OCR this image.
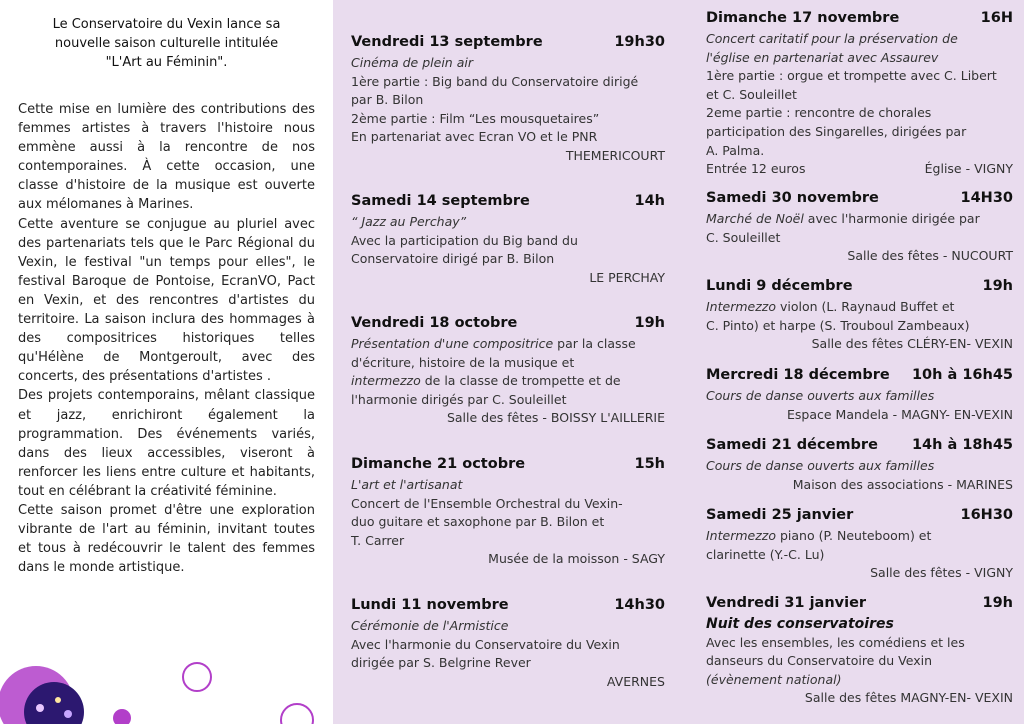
Le Conservatoire du Vexin lance sa
nouvelle saison culturelle intitulée
"L'Art au Féminin".

Cette mise en lumière des contributions des femmes artistes à travers l'histoire nous emmène aussi à la rencontre de nos contemporaines. À cette occasion, une classe d'histoire de la musique est ouverte aux mélomanes à Marines.

Cette aventure se conjugue au pluriel avec des partenariats tels que le Parc Régional du Vexin, le festival "un temps pour elles", le festival Baroque de Pontoise, EcranVO, Pact en Vexin, et des rencontres d'artistes du territoire. La saison inclura des hommages à des compositrices historiques telles qu'Hélène de Montgeroult, avec des concerts, des présentations d'artistes .

Des projets contemporains, mêlant classique et jazz, enrichiront également la programmation. Des événements variés, dans des lieux accessibles, viseront à renforcer les liens entre culture et habitants, tout en célébrant la créativité féminine.

Cette saison promet d'être une exploration vibrante de l'art au féminin, invitant toutes et tous à redécouvrir le talent des femmes dans le monde artistique.

Vendredi 13 septembre	19h30
Cinéma de plein air
1ère partie : Big band du Conservatoire dirigé
par B. Bilon
2ème partie : Film “Les mousquetaires”
En partenariat avec Ecran VO et le PNR
THEMERICOURT
Samedi 14 septembre	14h
“ Jazz au Perchay”
Avec la participation du Big band du
Conservatoire dirigé par B. Bilon
LE PERCHAY
Vendredi 18 octobre	19h
Présentation d'une compositrice par la classe
d'écriture, histoire de la musique et
intermezzo de la classe de trompette et de
l'harmonie dirigés par C. Souleillet
Salle des fêtes - BOISSY L'AILLERIE
Dimanche 21 octobre	15h
L'art et l'artisanat
Concert de l'Ensemble Orchestral du Vexin-
duo guitare et saxophone par B. Bilon et
T. Carrer
Musée de la moisson - SAGY
Lundi 11 novembre	14h30
Cérémonie de l'Armistice
Avec l'harmonie du Conservatoire du Vexin
dirigée par S. Belgrine Rever
AVERNES
Dimanche 17 novembre	16H
Concert caritatif pour la préservation de
l'église en partenariat avec Assaurev
1ère partie : orgue et trompette avec C. Libert
et C. Souleillet
2eme partie : rencontre de chorales
participation des Singarelles, dirigées par
A. Palma.
Entrée 12 euros	Église - VIGNY
Samedi 30 novembre	14H30
Marché de Noël avec l'harmonie dirigée par
C. Souleillet
Salle des fêtes - NUCOURT
Lundi 9 décembre	19h
Intermezzo violon (L. Raynaud Buffet et
C. Pinto) et harpe (S. Trouboul Zambeaux)
Salle des fêtes CLÉRY-EN- VEXIN
Mercredi 18 décembre 10h à 16h45
Cours de danse ouverts aux familles
Espace Mandela - MAGNY- EN-VEXIN
Samedi 21 décembre 14h à 18h45
Cours de danse ouverts aux familles
Maison des associations - MARINES
Samedi 25 janvier	16H30
Intermezzo piano (P. Neuteboom) et
clarinette (Y.-C. Lu)
Salle des fêtes - VIGNY
Vendredi 31 janvier	19h
Nuit des conservatoires
Avec les ensembles, les comédiens et les
danseurs du Conservatoire du Vexin
(évènement national)
Salle des fêtes MAGNY-EN- VEXIN
